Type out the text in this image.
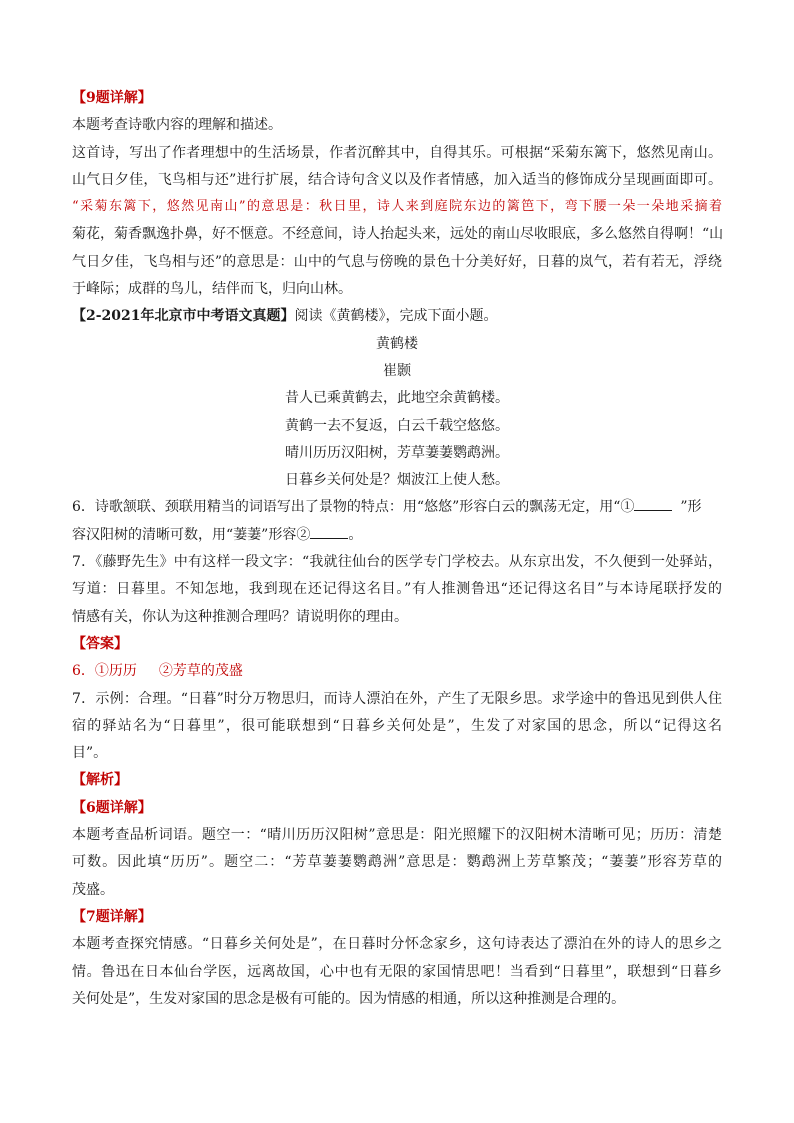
【9题详解】

本题考查诗歌内容的理解和描述。

这首诗，写出了作者理想中的生活场景，作者沉醉其中，自得其乐。可根据“采菊东篱下，悠然见南山。

山气日夕佳，飞鸟相与还”进行扩展，结合诗句含义以及作者情感，加入适当的修饰成分呈现画面即可。

“采菊东篱下，悠然见南山”的意思是：秋日里，诗人来到庭院东边的篱笆下，弯下腰一朵一朵地采摘着

菊花，菊香飘逸扑鼻，好不惬意。不经意间，诗人抬起头来，远处的南山尽收眼底，多么悠然自得啊！“山

气日夕佳，飞鸟相与还”的意思是：山中的气息与傍晚的景色十分美好好，日暮的岚气，若有若无，浮绕

于峰际；成群的鸟儿，结伴而飞，归向山林。

【2-2021年北京市中考语文真题】阅读《黄鹤楼》，完成下面小题。

黄鹤楼
崔颢
昔人已乘黄鹤去，此地空余黄鹤楼。
黄鹤一去不复返，白云千载空悠悠。
晴川历历汉阳树，芳草萋萋鹦鹉洲。
日暮乡关何处是？烟波江上使人愁。

6．诗歌颔联、颈联用精当的词语写出了景物的特点：用“悠悠”形容白云的飘荡无定，用“①	”形

容汉阳树的清晰可数，用“萋萋”形容②	。

7．《藤野先生》中有这样一段文字：“我就往仙台的医学专门学校去。从东京出发，不久便到一处驿站，

写道：日暮里。不知怎地，我到现在还记得这名目。”有人推测鲁迅“还记得这名目”与本诗尾联抒发的

情感有关，你认为这种推测合理吗？请说明你的理由。

【答案】

6．①历历 ②芳草的茂盛

7．示例：合理。“日暮”时分万物思归，而诗人漂泊在外，产生了无限乡思。求学途中的鲁迅见到供人住

宿的驿站名为“日暮里”，很可能联想到“日暮乡关何处是”，生发了对家国的思念，所以“记得这名

目”。

【解析】

【6题详解】

本题考查品析词语。题空一：“晴川历历汉阳树”意思是：阳光照耀下的汉阳树木清晰可见；历历：清楚

可数。因此填“历历”。题空二：“芳草萋萋鹦鹉洲”意思是：鹦鹉洲上芳草繁茂；“萋萋”形容芳草的

茂盛。

【7题详解】

本题考查探究情感。“日暮乡关何处是”，在日暮时分怀念家乡，这句诗表达了漂泊在外的诗人的思乡之

情。鲁迅在日本仙台学医，远离故国，心中也有无限的家国情思吧！当看到“日暮里”，联想到“日暮乡

关何处是”，生发对家国的思念是极有可能的。因为情感的相通，所以这种推测是合理的。
